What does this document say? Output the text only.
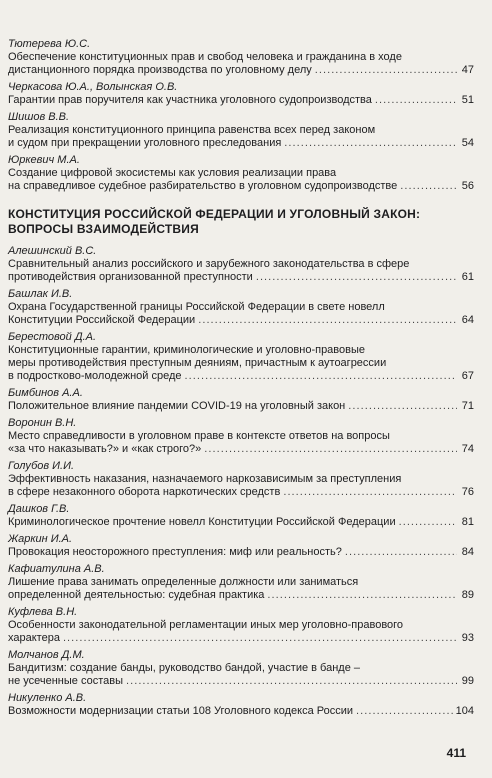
Тютерева Ю.С.
Обеспечение конституционных прав и свобод человека и гражданина в ходе
дистанционного порядка производства по уголовному делу . . .	47
Черкасова Ю.А., Волынская О.В.
Гарантии прав поручителя как участника уголовного судопроизводства . . .	51
Шишов В.В.
Реализация конституционного принципа равенства всех перед законом
и судом при прекращении уголовного преследования . . .	54
Юркевич М.А.
Создание цифровой экосистемы как условия реализации права
на справедливое судебное разбирательство в уголовном судопроизводстве . . .	56
КОНСТИТУЦИЯ РОССИЙСКОЙ ФЕДЕРАЦИИ И УГОЛОВНЫЙ ЗАКОН:
ВОПРОСЫ ВЗАИМОДЕЙСТВИЯ
Алешинский В.С.
Сравнительный анализ российского и зарубежного законодательства в сфере
противодействия организованной преступности . . .	61
Башлак И.В.
Охрана Государственной границы Российской Федерации в свете новелл
Конституции Российской Федерации . . .	64
Берестовой Д.А.
Конституционные гарантии, криминологические и уголовно-правовые
меры противодействия преступным деяниям, причастным к аутоагрессии
в подростково-молодежной среде . . .	67
Бимбинов А.А.
Положительное влияние пандемии COVID-19 на уголовный закон . . .	71
Воронин В.Н.
Место справедливости в уголовном праве в контексте ответов на вопросы
«за что наказывать?» и «как строго?» . . .	74
Голубов И.И.
Эффективность наказания, назначаемого наркозависимым за преступления
в сфере незаконного оборота наркотических средств . . .	76
Дашков Г.В.
Криминологическое прочтение новелл Конституции Российской Федерации . . .	81
Жаркин И.А.
Провокация неосторожного преступления: миф или реальность? . . .	84
Кафиатулина А.В.
Лишение права занимать определенные должности или заниматься
определенной деятельностью: судебная практика . . .	89
Куфлева В.Н.
Особенности законодательной регламентации иных мер уголовно-правового
характера . . .	93
Молчанов Д.М.
Бандитизм: создание банды, руководство бандой, участие в банде –
не усеченные составы . . .	99
Никуленко А.В.
Возможности модернизации статьи 108 Уголовного кодекса России . . .	104
411
